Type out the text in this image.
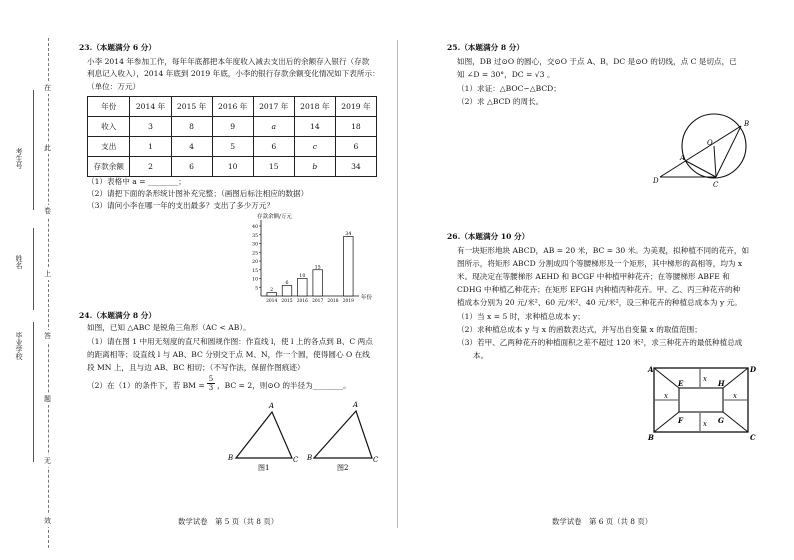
在
此
卷
上
答
题
无
效
考生号
姓名
毕业学校
23.（本题满分 6 分）
小李 2014 年参加工作，每年年底都把本年度收入减去支出后的余额存入银行（存款
利息记入收入），2014 年底到 2019 年底，小李的银行存款余额变化情况如下表所示：
（单位：万元）
年份	2014 年	2015 年	2016 年	2017 年	2018 年	2019 年
收入	3	8	9	a	14	18
支出	1	4	5	6	c	6
存款余额	2	6	10	15	b	34
（1）表格中 a = ________；
（2）请把下面的条形统计图补充完整；（画图后标注相应的数据）
（3）请问小李在哪一年的支出最多？支出了多少万元？
存款余额/万元
年份
2
6
10
15
34
5
10
15
20
25
30
35
40
2014 2015 2016 2017 2018 2019
24.（本题满分 8 分）
如图，已知 △ABC 是锐角三角形（AC < AB）。
（1）请在图 1 中用无刻度的直尺和圆规作图：作直线 l，使 l 上的各点到 B、C 两点
的距离相等；设直线 l 与 AB、BC 分别交于点 M、N，作一个圆，使得圆心 O 在线
段 MN 上，且与边 AB、BC 相切；（不写作法，保留作图痕迹）
（2）在（1）的条件下，若 BM = $\frac{5}{3}$ ，BC = 2，则⊙O 的半径为________。
A
B	C
A
B	C
图1	图2
数学试卷　第 5 页（共 8 页）
25.（本题满分 8 分）
如图，DB 过⊙O 的圆心，交⊙O 于点 A、B，DC 是⊙O 的切线，点 C 是切点，已
知 ∠D = 30°，DC = √3 。
（1）求证：△BOC∽△BCD；
（2）求 △BCD 的周长。
O
A
B
C
D
26.（本题满分 10 分）
有一块矩形地块 ABCD，AB = 20 米，BC = 30 米。为美观，拟种植不同的花卉，如
图所示，将矩形 ABCD 分割成四个等腰梯形及一个矩形，其中梯形的高相等，均为 x
米。现决定在等腰梯形 AEHD 和 BCGF 中种植甲种花卉；在等腰梯形 ABFE 和
CDHG 中种植乙种花卉；在矩形 EFGH 内种植丙种花卉。甲、乙、丙三种花卉的种
植成本分别为 20 元/米²、60 元/米²、40 元/米²，设三种花卉的种植总成本为 y 元。
（1）当 x = 5 时，求种植总成本 y；
（2）求种植总成本 y 与 x 的函数表达式，并写出自变量 x 的取值范围；
（3）若甲、乙两种花卉的种植面积之差不超过 120 米²，求三种花卉的最低种植总成
本。
A
B	C
D
E
F	G
H
x
x
x	x
数学试卷　第 6 页（共 8 页）
